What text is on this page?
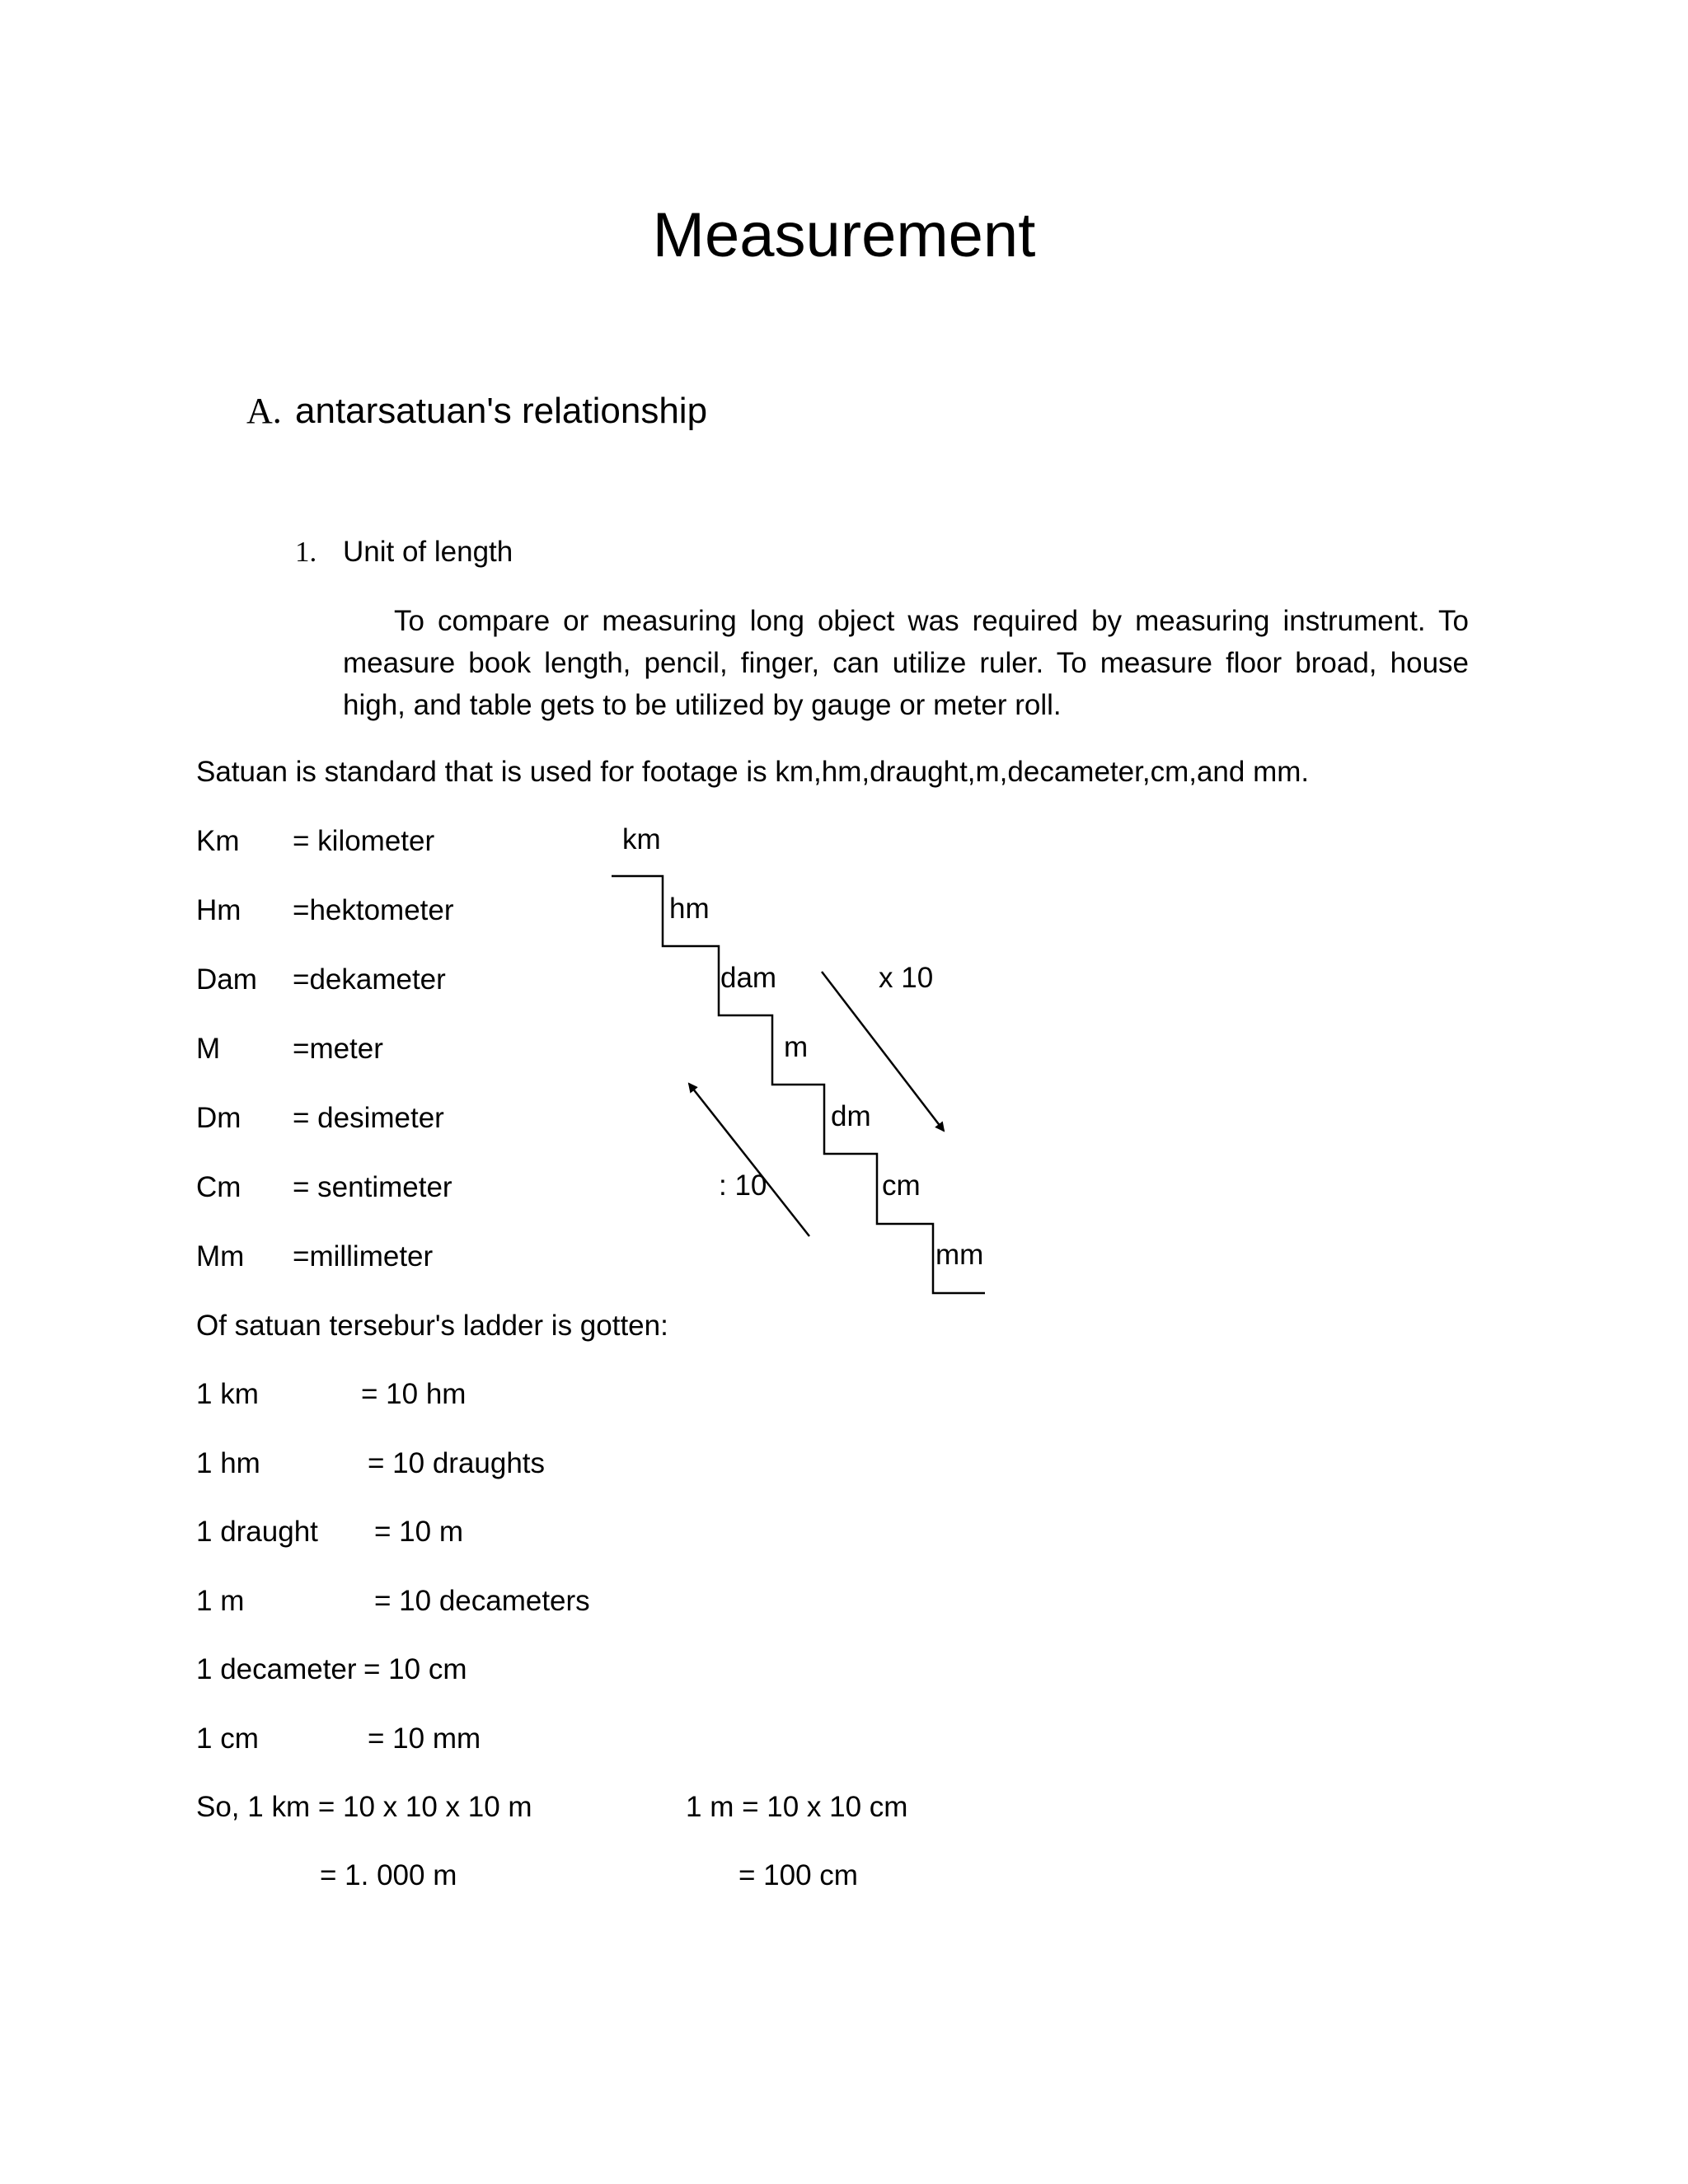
Measurement
A. antarsatuan's relationship
1. Unit of length
To compare or measuring long object was required by measuring instrument. To measure book length, pencil, finger, can utilize ruler. To measure floor broad, house high, and table gets to be utilized by gauge or meter roll.
Satuan is standard that is used for footage is km,hm,draught,m,decameter,cm,and mm.
Km = kilometer
Hm =hektometer
Dam =dekameter
M	=meter
Dm = desimeter
Cm = sentimeter
Mm =millimeter
km
hm
dam
m
dm
cm
mm
x 10
: 10
Of satuan tersebur's ladder is gotten:
1 km	= 10 hm
1 hm	= 10 draughts
1 draught = 10 m
1 m	= 10 decameters
1 decameter = 10 cm
1 cm	= 10 mm
So, 1 km = 10 x 10 x 10 m	1 m = 10 x 10 cm
= 1. 000 m	= 100 cm
